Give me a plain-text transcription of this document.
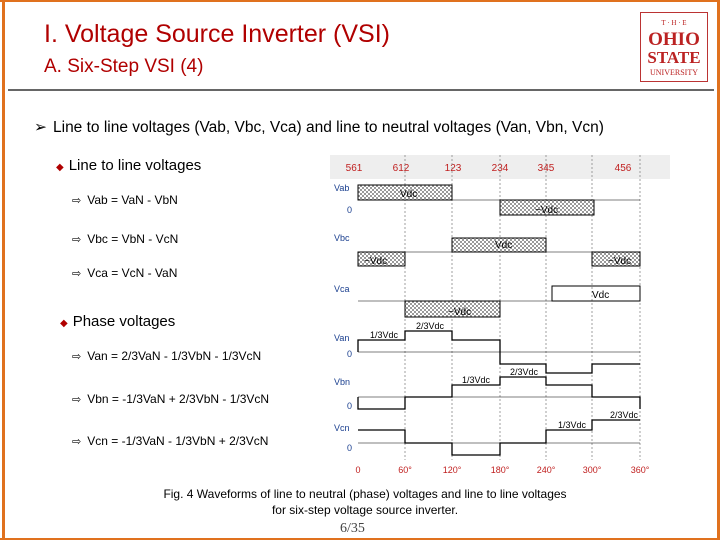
I. Voltage Source Inverter (VSI)
A. Six-Step VSI (4)
T · H · E
OHIO
STATE
UNIVERSITY
➢ Line to line voltages (Vab, Vbc, Vca) and line to neutral voltages (Van, Vbn, Vcn)
◆ Line to line voltages
⇨ Vab = VaN - VbN
⇨ Vbc = VbN - VcN
⇨ Vca = VcN - VaN
◆ Phase voltages
⇨ Van = 2/3VaN - 1/3VbN - 1/3VcN
⇨ Vbn = -1/3VaN + 2/3VbN - 1/3VcN
⇨ Vcn = -1/3VaN - 1/3VbN + 2/3VcN
561	612	123	234	345	456
Vab
0
Vdc
−Vdc
Vbc
Vdc
−Vdc	−Vdc
Vca
Vdc
−Vdc
Van
0
1/3Vdc
2/3Vdc
Vbn
0
1/3Vdc
2/3Vdc
Vcn
0
1/3Vdc
2/3Vdc
0	60°	120°	180°	240°	300°	360°
Fig. 4 Waveforms of line to neutral (phase) voltages and line to line voltages
for six-step voltage source inverter.
6/35
